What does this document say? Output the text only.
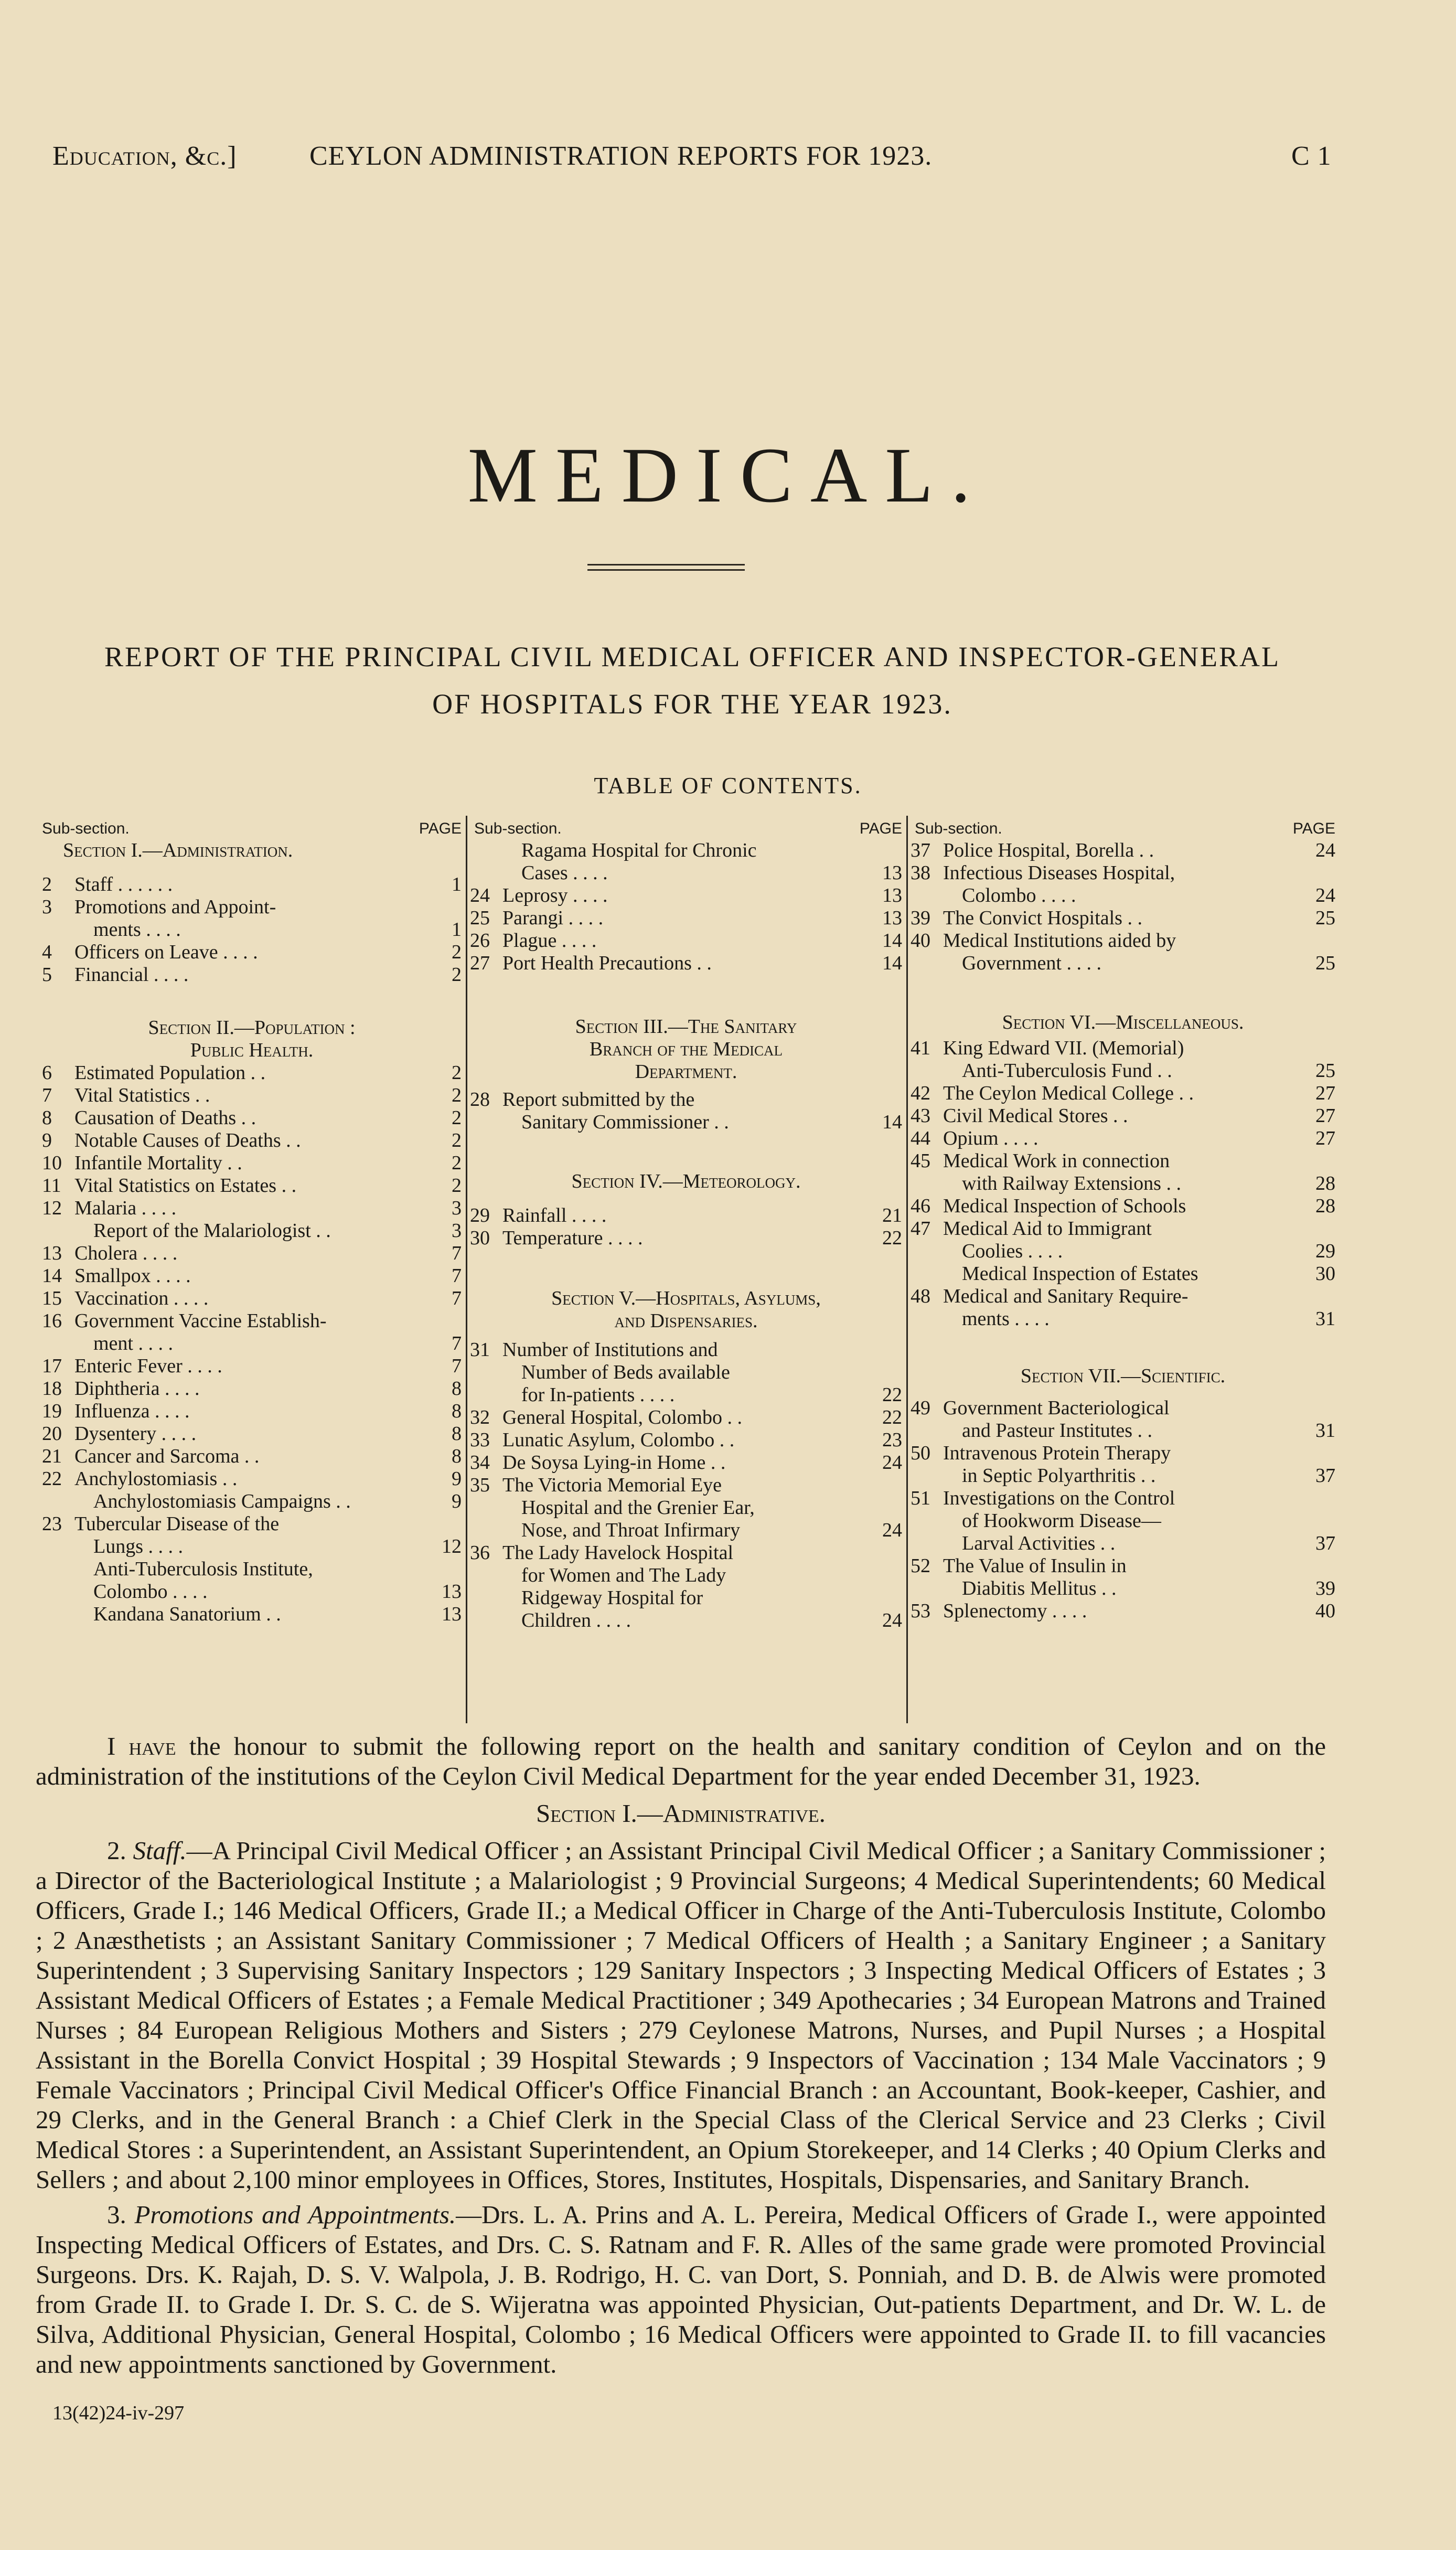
Education, &c.]	CEYLON ADMINISTRATION REPORTS FOR 1923.	C 1
MEDICAL.
REPORT OF THE PRINCIPAL CIVIL MEDICAL OFFICER AND INSPECTOR-GENERAL
OF HOSPITALS FOR THE YEAR 1923.
TABLE OF CONTENTS.
Sub-section.	PAGE
Section I.—Administration.
2	Staff . . . . . .	1
3	Promotions and Appoint-
ments . . . .	1
4	Officers on Leave . . . .	2
5	Financial . . . .	2
Section II.—Population :
Public Health.
6	Estimated Population . .	2
7	Vital Statistics . .	2
8	Causation of Deaths . .	2
9	Notable Causes of Deaths . .	2
10 Infantile Mortality . .	2
11 Vital Statistics on Estates . .	2
12 Malaria . . . .	3
Report of the Malariologist . .	3
13 Cholera . . . .	7
14 Smallpox . . . .	7
15 Vaccination . . . .	7
16 Government Vaccine Establish-
ment . . . .	7
17 Enteric Fever . . . .	7
18 Diphtheria . . . .	8
19 Influenza . . . .	8
20 Dysentery . . . .	8
21 Cancer and Sarcoma . .	8
22 Anchylostomiasis . .	9
Anchylostomiasis Campaigns . .	9
23 Tubercular Disease of the
Lungs . . . .	12
Anti-Tuberculosis Institute,
Colombo . . . .	13
Kandana Sanatorium . .	13
Sub-section.	PAGE
Ragama Hospital for Chronic
Cases . . . .	13
24 Leprosy . . . .	13
25 Parangi . . . .	13
26 Plague . . . .	14
27 Port Health Precautions . .	14
Section III.—The Sanitary
Branch of the Medical
Department.
28 Report submitted by the
Sanitary Commissioner . .	14
Section IV.—Meteorology.
29 Rainfall . . . .	21
30 Temperature . . . .	22
Section V.—Hospitals, Asylums,
and Dispensaries.
31 Number of Institutions and
Number of Beds available
for In-patients . . . .	22
32 General Hospital, Colombo . .	22
33 Lunatic Asylum, Colombo . .	23
34 De Soysa Lying-in Home . .	24
35 The Victoria Memorial Eye
Hospital and the Grenier Ear,
Nose, and Throat Infirmary	24
36 The Lady Havelock Hospital
for Women and The Lady
Ridgeway Hospital for
Children . . . .	24
Sub-section.	PAGE
37 Police Hospital, Borella . .	24
38 Infectious Diseases Hospital,
Colombo . . . .	24
39 The Convict Hospitals . .	25
40 Medical Institutions aided by
Government . . . .	25
Section VI.—Miscellaneous.
41 King Edward VII. (Memorial)
Anti-Tuberculosis Fund . .	25
42 The Ceylon Medical College . .	27
43 Civil Medical Stores . .	27
44 Opium . . . .	27
45 Medical Work in connection
with Railway Extensions . .	28
46 Medical Inspection of Schools	28
47 Medical Aid to Immigrant
Coolies . . . .	29
Medical Inspection of Estates	30
48 Medical and Sanitary Require-
ments . . . .	31
Section VII.—Scientific.
49 Government Bacteriological
and Pasteur Institutes . .	31
50 Intravenous Protein Therapy
in Septic Polyarthritis . .	37
51 Investigations on the Control
of Hookworm Disease—
Larval Activities . .	37
52 The Value of Insulin in
Diabitis Mellitus . .	39
53 Splenectomy . . . .	40

I have the honour to submit the following report on the health and sanitary condition of Ceylon and on the administration of the institutions of the Ceylon Civil Medical Department for the year ended December 31, 1923.

Section I.—Administrative.

2. Staff.—A Principal Civil Medical Officer ; an Assistant Principal Civil Medical Officer ; a Sanitary Commissioner ; a Director of the Bacteriological Institute ; a Malariologist ; 9 Provincial Surgeons; 4 Medical Superintendents; 60 Medical Officers, Grade I.; 146 Medical Officers, Grade II.; a Medical Officer in Charge of the Anti-Tuberculosis Institute, Colombo ; 2 Anæsthetists ; an Assistant Sanitary Commissioner ; 7 Medical Officers of Health ; a Sanitary Engineer ; a Sanitary Superintendent ; 3 Supervising Sanitary Inspectors ; 129 Sanitary Inspectors ; 3 Inspecting Medical Officers of Estates ; 3 Assistant Medical Officers of Estates ; a Female Medical Practitioner ; 349 Apothecaries ; 34 European Matrons and Trained Nurses ; 84 European Religious Mothers and Sisters ; 279 Ceylonese Matrons, Nurses, and Pupil Nurses ; a Hospital Assistant in the Borella Convict Hospital ; 39 Hospital Stewards ; 9 Inspectors of Vaccination ; 134 Male Vaccinators ; 9 Female Vaccinators ; Principal Civil Medical Officer's Office Financial Branch : an Accountant, Book-keeper, Cashier, and 29 Clerks, and in the General Branch : a Chief Clerk in the Special Class of the Clerical Service and 23 Clerks ; Civil Medical Stores : a Superintendent, an Assistant Superintendent, an Opium Storekeeper, and 14 Clerks ; 40 Opium Clerks and Sellers ; and about 2,100 minor employees in Offices, Stores, Institutes, Hospitals, Dispensaries, and Sanitary Branch.

3. Promotions and Appointments.—Drs. L. A. Prins and A. L. Pereira, Medical Officers of Grade I., were appointed Inspecting Medical Officers of Estates, and Drs. C. S. Ratnam and F. R. Alles of the same grade were promoted Provincial Surgeons. Drs. K. Rajah, D. S. V. Walpola, J. B. Rodrigo, H. C. van Dort, S. Ponniah, and D. B. de Alwis were promoted from Grade II. to Grade I. Dr. S. C. de S. Wijeratna was appointed Physician, Out-patients Department, and Dr. W. L. de Silva, Additional Physician, General Hospital, Colombo ; 16 Medical Officers were appointed to Grade II. to fill vacancies and new appointments sanctioned by Government.

13(42)24-iv-297
